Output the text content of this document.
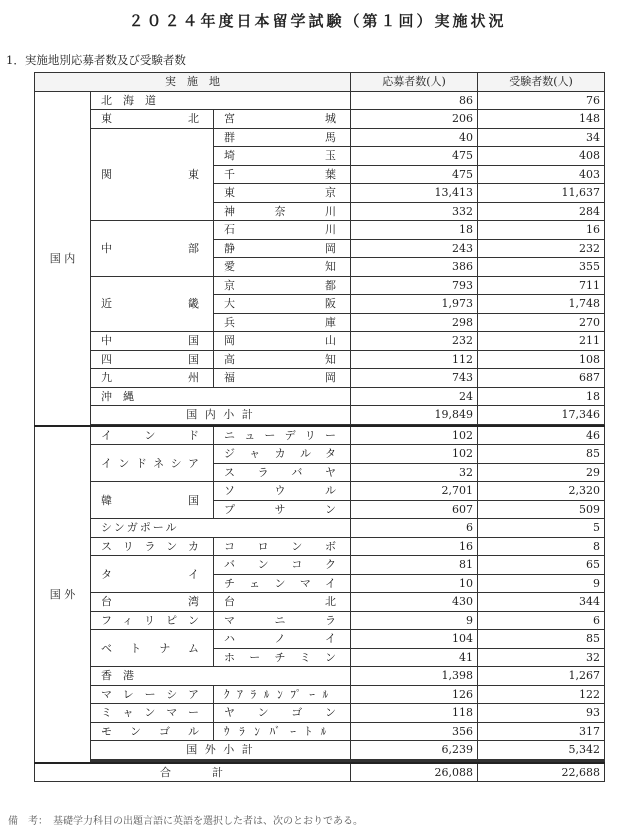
２０２４年度日本留学試験（第１回）実施状況
1．実施地別応募者数及び受験者数
実　施　地			応募者数(人)	受験者数(人)
国 内	北　海　道		86	76
	東　北	宮　城	206	148
	関　東	群　馬	40	34
		埼　玉	475	408
		千　葉	475	403
		東　京	13,413	11,637
		神 奈 川	332	284
	中　部	石　川	18	16
		静　岡	243	232
		愛　知	386	355
	近　畿	京　都	793	711
		大　阪	1,973	1,748
		兵　庫	298	270
	中　国	岡　山	232	211
	四　国	高　知	112	108
	九　州	福　岡	743	687
	沖　縄		24	18
	国 内 小 計		19,849	17,346

国 外	イ　ン　ド	ニューデリー	102	46
	インドネシア	ジャカルタ	102	85
		スラバヤ	32	29
	韓　国	ソ ウ ル	2,701	2,320
		プ サ ン	607	509
	シンガポール		6	5
	スリランカ	コロンボ	16	8
	タ　イ	バンコク	81	65
		チェンマイ	10	9
	台　湾	台　北	430	344
	フィリピン	マ ニ ラ	9	6
	ベトナム	ハ ノ イ	104	85
		ホーチミン	41	32
	香　港		1,398	1,267
	マレーシア	ｸｱﾗﾙﾝﾌﾟｰﾙ	126	122
	ミャンマー	ヤンゴン	118	93
	モンゴル	ｳﾗﾝﾊﾞｰﾄﾙ	356	317
	国 外 小 計		6,239	5,342

合　　　計			26,088	22,688
備　考：　基礎学力科目の出題言語に英語を選択した者は、次のとおりである。
